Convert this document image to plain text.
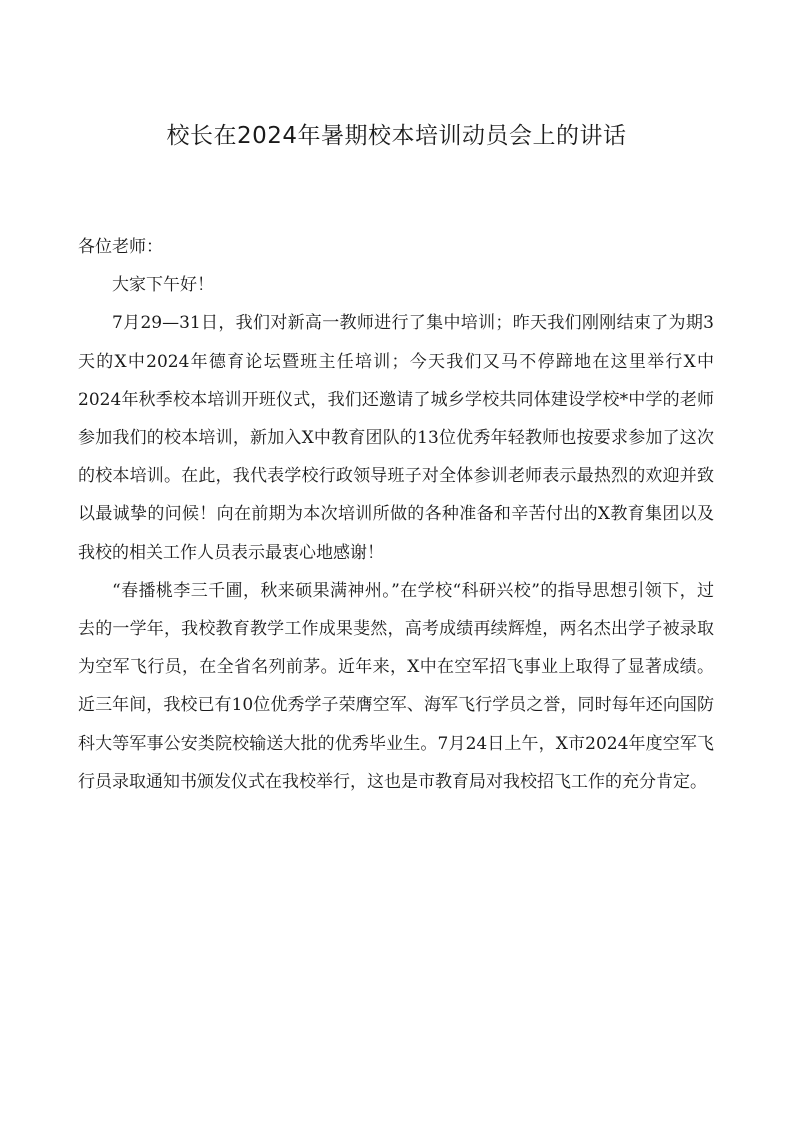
校长在2024年暑期校本培训动员会上的讲话

各位老师：

大家下午好！

7月29—31日，我们对新高一教师进行了集中培训；昨天我们刚刚结束了为期3天的X中2024年德育论坛暨班主任培训；今天我们又马不停蹄地在这里举行X中2024年秋季校本培训开班仪式，我们还邀请了城乡学校共同体建设学校*中学的老师参加我们的校本培训，新加入X中教育团队的13位优秀年轻教师也按要求参加了这次的校本培训。在此，我代表学校行政领导班子对全体参训老师表示最热烈的欢迎并致以最诚挚的问候！向在前期为本次培训所做的各种准备和辛苦付出的X教育集团以及我校的相关工作人员表示最衷心地感谢！

“春播桃李三千圃，秋来硕果满神州。”在学校“科研兴校”的指导思想引领下，过去的一学年，我校教育教学工作成果斐然，高考成绩再续辉煌，两名杰出学子被录取为空军飞行员，在全省名列前茅。近年来，X中在空军招飞事业上取得了显著成绩。近三年间，我校已有10位优秀学子荣膺空军、海军飞行学员之誉，同时每年还向国防科大等军事公安类院校输送大批的优秀毕业生。7月24日上午，X市2024年度空军飞行员录取通知书颁发仪式在我校举行，这也是市教育局对我校招飞工作的充分肯定。
